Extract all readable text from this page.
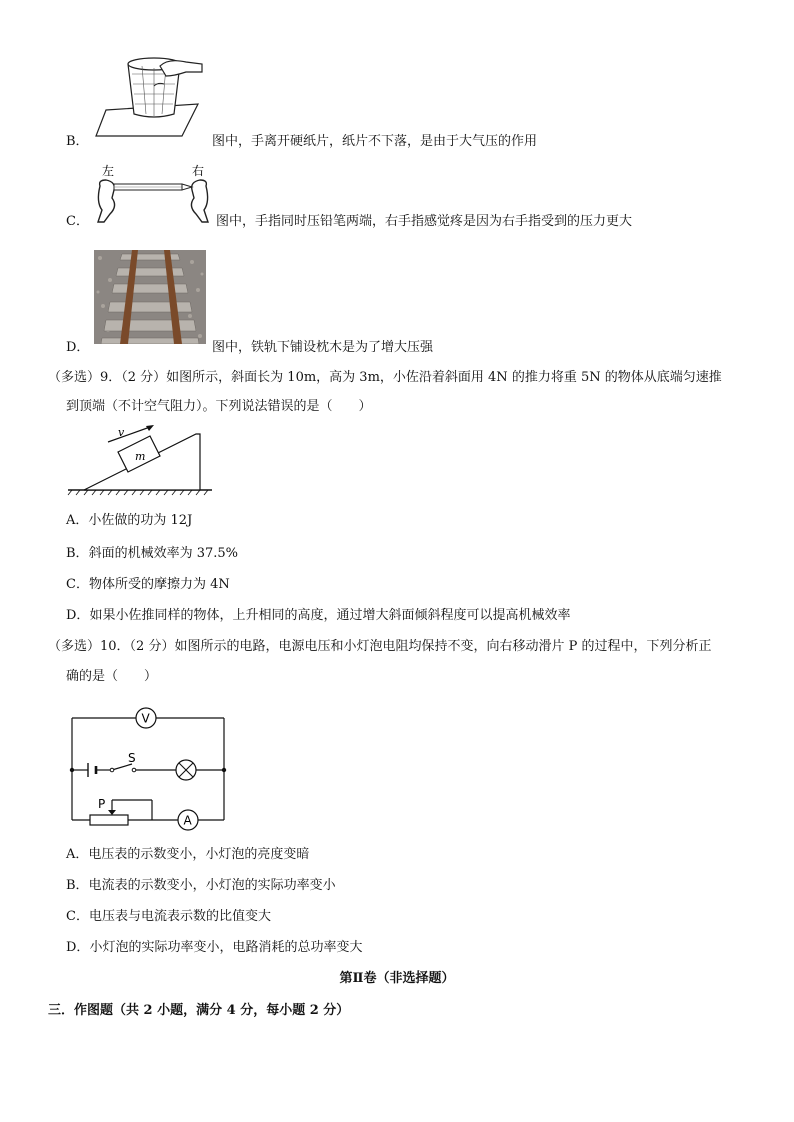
B．	图中，手离开硬纸片，纸片不下落，是由于大气压的作用
左	右
C．	图中，手指同时压铅笔两端，右手指感觉疼是因为右手指受到的压力更大
D．	图中，铁轨下铺设枕木是为了增大压强
（多选）9．（2 分）如图所示，斜面长为 10m，高为 3m，小佐沿着斜面用 4N 的推力将重 5N 的物体从底端匀速推
到顶端（不计空气阻力）。下列说法错误的是（　　）
m
v
A．小佐做的功为 12J
B．斜面的机械效率为 37.5%
C．物体所受的摩擦力为 4N
D．如果小佐推同样的物体，上升相同的高度，通过增大斜面倾斜程度可以提高机械效率
（多选）10．（2 分）如图所示的电路，电源电压和小灯泡电阻均保持不变，向右移动滑片 P 的过程中，下列分析正
确的是（　　）
V
A
S
P
A．电压表的示数变小，小灯泡的亮度变暗
B．电流表的示数变小，小灯泡的实际功率变小
C．电压表与电流表示数的比值变大
D．小灯泡的实际功率变小，电路消耗的总功率变大
第Ⅱ卷（非选择题）
三．作图题（共 2 小题，满分 4 分，每小题 2 分）
